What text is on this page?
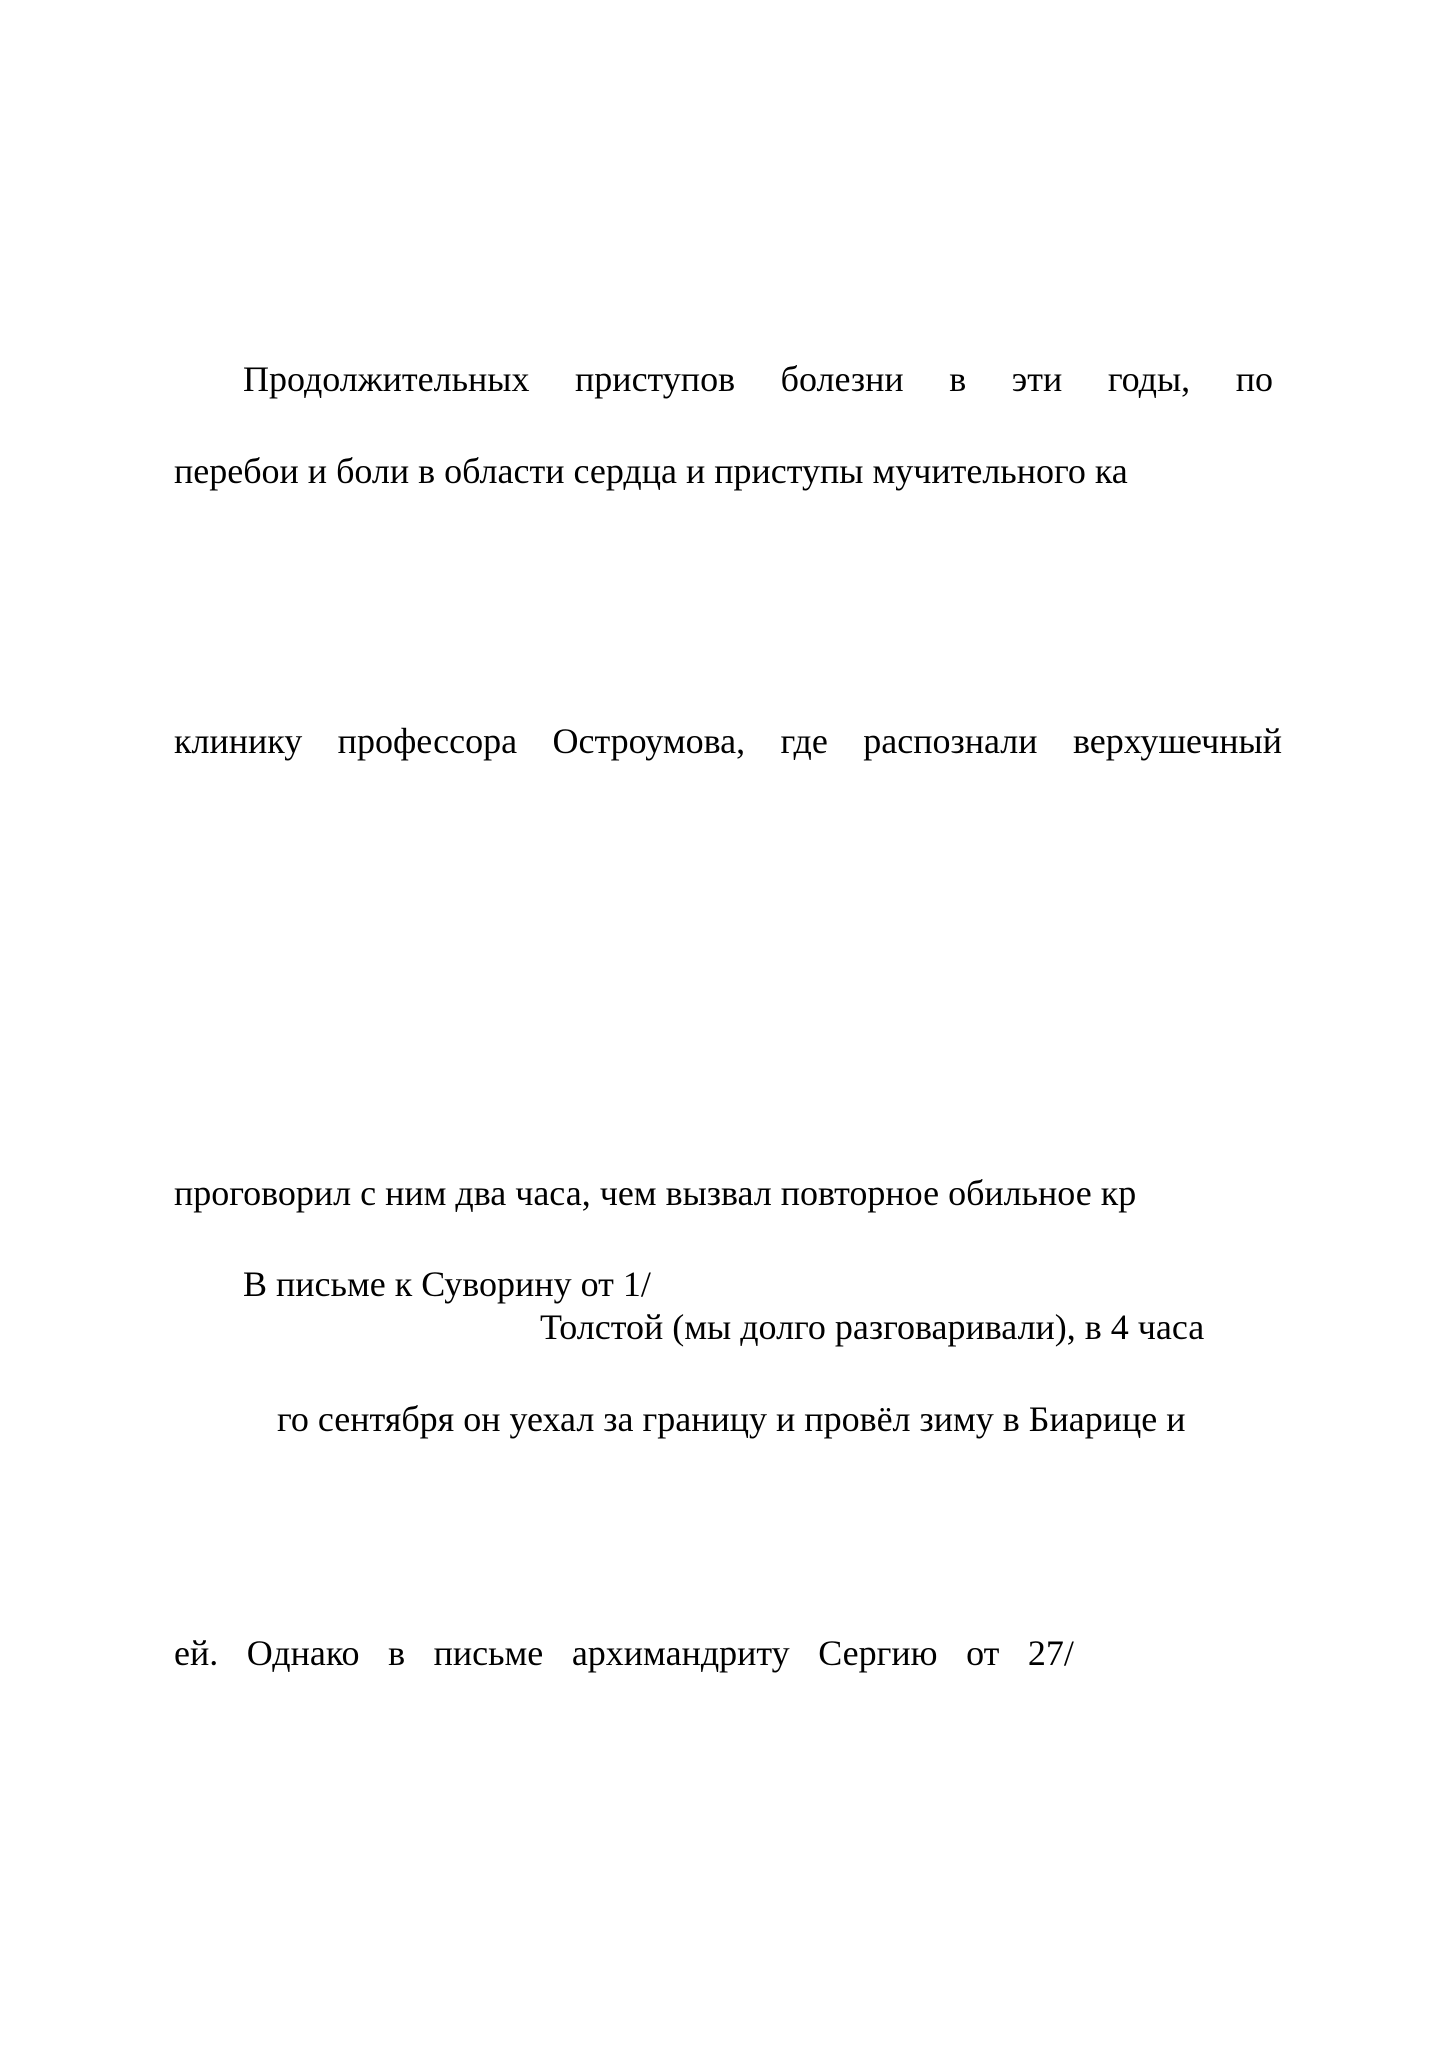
Продолжительных приступов болезни в эти годы, по
перебои и боли в области сердца и приступы мучительного ка
клинику профессора Остроумова, где распознали верхушечный
проговорил с ним два часа, чем вызвал повторное обильное кр
В письме к Суворину от 1/
Толстой (мы долго разговаривали), в 4 часа
го сентября он уехал за границу и провёл зиму в Биарице и
ей. Однако в письме архимандриту Сергию от 27/
